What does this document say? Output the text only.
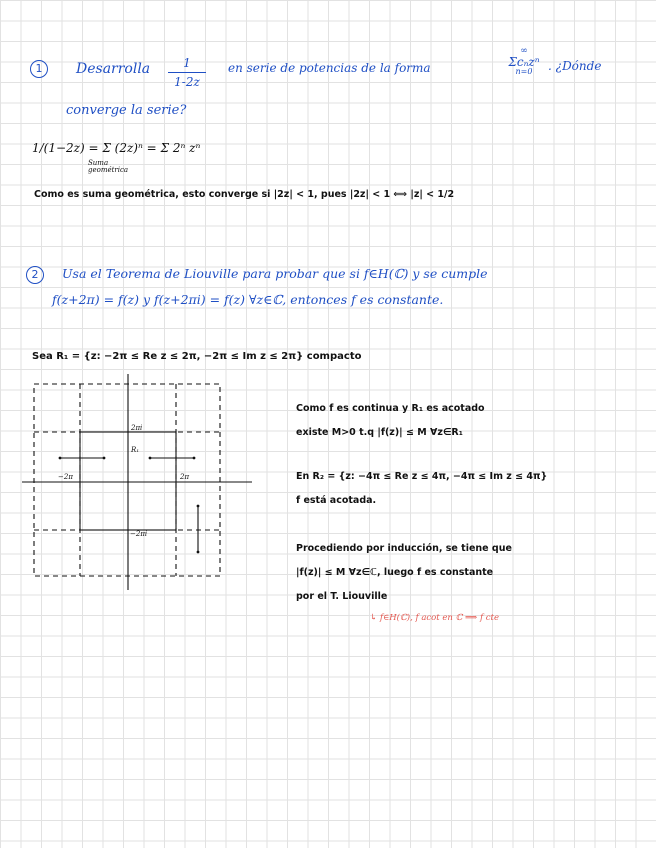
1	Desarrolla	1
1-2z
en serie de potencias de la forma
∞
Σcₙzⁿ
n=0	. ¿Dónde
converge la serie?
1/(1−2z) = Σ (2z)ⁿ = Σ 2ⁿ zⁿ
Suma geométrica
Como es suma geométrica, esto converge si |2z| < 1, pues |2z| < 1 ⟺ |z| < 1/2
2	Usa el Teorema de Liouville para probar que si f∈H(ℂ) y se cumple
f(z+2π) = f(z) y f(z+2πi) = f(z) ∀z∈ℂ, entonces f es constante.
Sea R₁ = {z: −2π ≤ Re z ≤ 2π, −2π ≤ Im z ≤ 2π} compacto
2πi
R₁
−2π	2π
−2πi
Como f es continua y R₁ es acotado
existe M>0 t.q |f(z)| ≤ M ∀z∈R₁
En R₂ = {z: −4π ≤ Re z ≤ 4π, −4π ≤ Im z ≤ 4π}
f está acotada.
Procediendo por inducción, se tiene que
|f(z)| ≤ M ∀z∈ℂ, luego f es constante
por el T. Liouville
↳ f∈H(ℂ), f acot en ℂ ⟹ f cte
